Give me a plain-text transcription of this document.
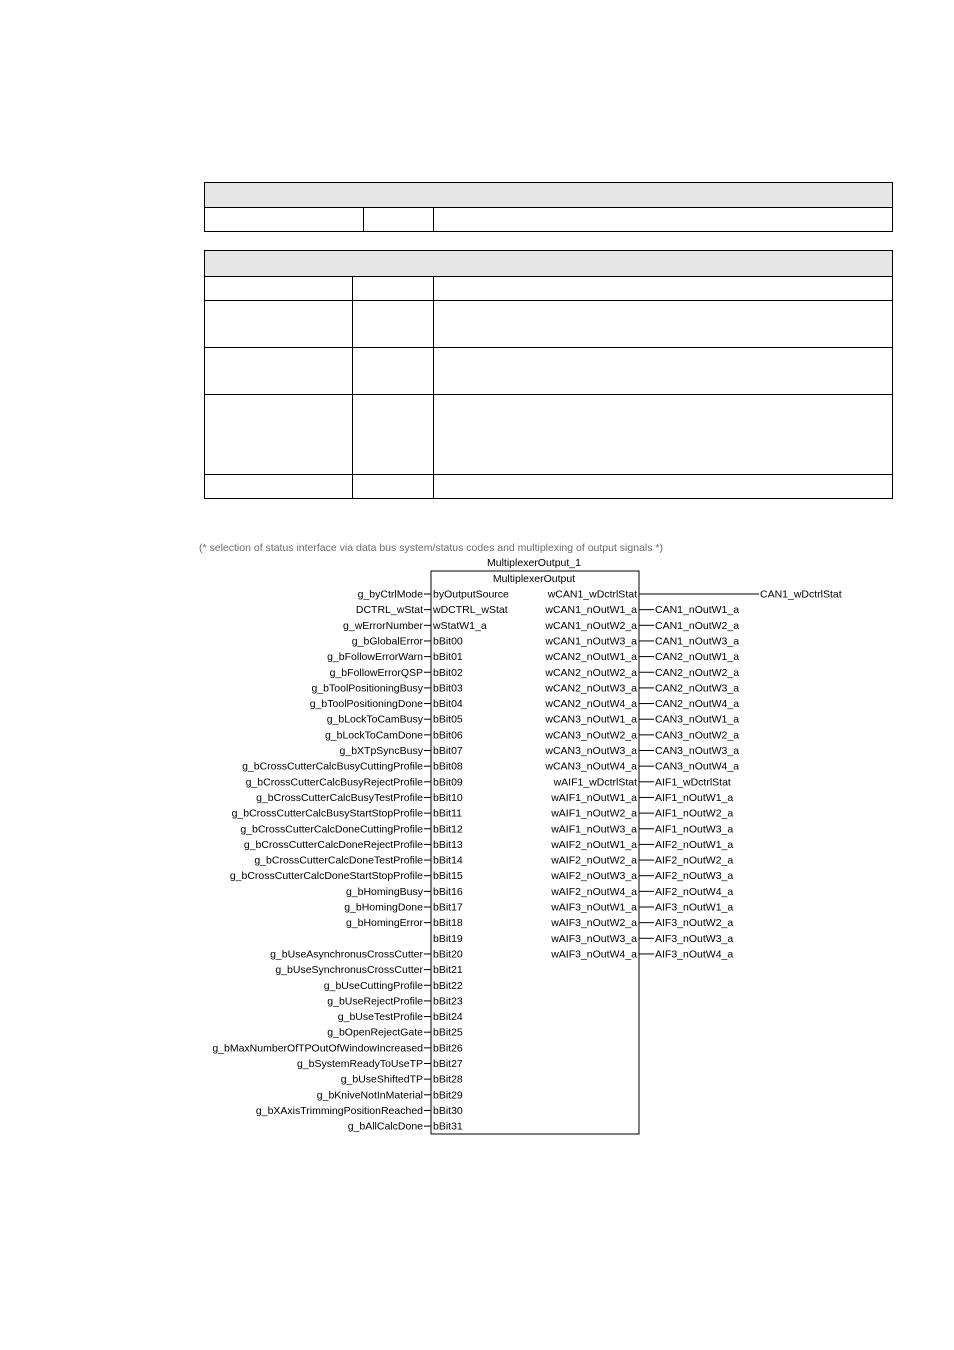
(* selection of status interface via data bus system/status codes and multiplexing of output signals *)
MultiplexerOutput_1
MultiplexerOutput
byOutputSource
g_byCtrlMode
wDCTRL_wStat
DCTRL_wStat
wStatW1_a
g_wErrorNumber
bBit00
g_bGlobalError
bBit01
g_bFollowErrorWarn
bBit02
g_bFollowErrorQSP
bBit03
g_bToolPositioningBusy
bBit04
g_bToolPositioningDone
bBit05
g_bLockToCamBusy
bBit06
g_bLockToCamDone
bBit07
g_bXTpSyncBusy
bBit08
g_bCrossCutterCalcBusyCuttingProfile
bBit09
g_bCrossCutterCalcBusyRejectProfile
bBit10
g_bCrossCutterCalcBusyTestProfile
bBit11
g_bCrossCutterCalcBusyStartStopProfile
bBit12
g_bCrossCutterCalcDoneCuttingProfile
bBit13
g_bCrossCutterCalcDoneRejectProfile
bBit14
g_bCrossCutterCalcDoneTestProfile
bBit15
g_bCrossCutterCalcDoneStartStopProfile
bBit16
g_bHomingBusy
bBit17
g_bHomingDone
bBit18
g_bHomingError
bBit19
bBit20
g_bUseAsynchronusCrossCutter
bBit21
g_bUseSynchronusCrossCutter
bBit22
g_bUseCuttingProfile
bBit23
g_bUseRejectProfile
bBit24
g_bUseTestProfile
bBit25
g_bOpenRejectGate
bBit26
g_bMaxNumberOfTPOutOfWindowIncreased
bBit27
g_bSystemReadyToUseTP
bBit28
g_bUseShiftedTP
bBit29
g_bKniveNotInMaterial
bBit30
g_bXAxisTrimmingPositionReached
bBit31
g_bAllCalcDone
wCAN1_wDctrlStat	CAN1_wDctrlStat
wCAN1_nOutW1_a CAN1_nOutW1_a
wCAN1_nOutW2_a CAN1_nOutW2_a
wCAN1_nOutW3_a CAN1_nOutW3_a
wCAN2_nOutW1_a CAN2_nOutW1_a
wCAN2_nOutW2_a CAN2_nOutW2_a
wCAN2_nOutW3_a CAN2_nOutW3_a
wCAN2_nOutW4_a CAN2_nOutW4_a
wCAN3_nOutW1_a CAN3_nOutW1_a
wCAN3_nOutW2_a CAN3_nOutW2_a
wCAN3_nOutW3_a CAN3_nOutW3_a
wCAN3_nOutW4_a CAN3_nOutW4_a
wAIF1_wDctrlStat AIF1_wDctrlStat
wAIF1_nOutW1_a AIF1_nOutW1_a
wAIF1_nOutW2_a AIF1_nOutW2_a
wAIF1_nOutW3_a AIF1_nOutW3_a
wAIF2_nOutW1_a AIF2_nOutW1_a
wAIF2_nOutW2_a AIF2_nOutW2_a
wAIF2_nOutW3_a AIF2_nOutW3_a
wAIF2_nOutW4_a AIF2_nOutW4_a
wAIF3_nOutW1_a AIF3_nOutW1_a
wAIF3_nOutW2_a AIF3_nOutW2_a
wAIF3_nOutW3_a AIF3_nOutW3_a
wAIF3_nOutW4_a AIF3_nOutW4_a
